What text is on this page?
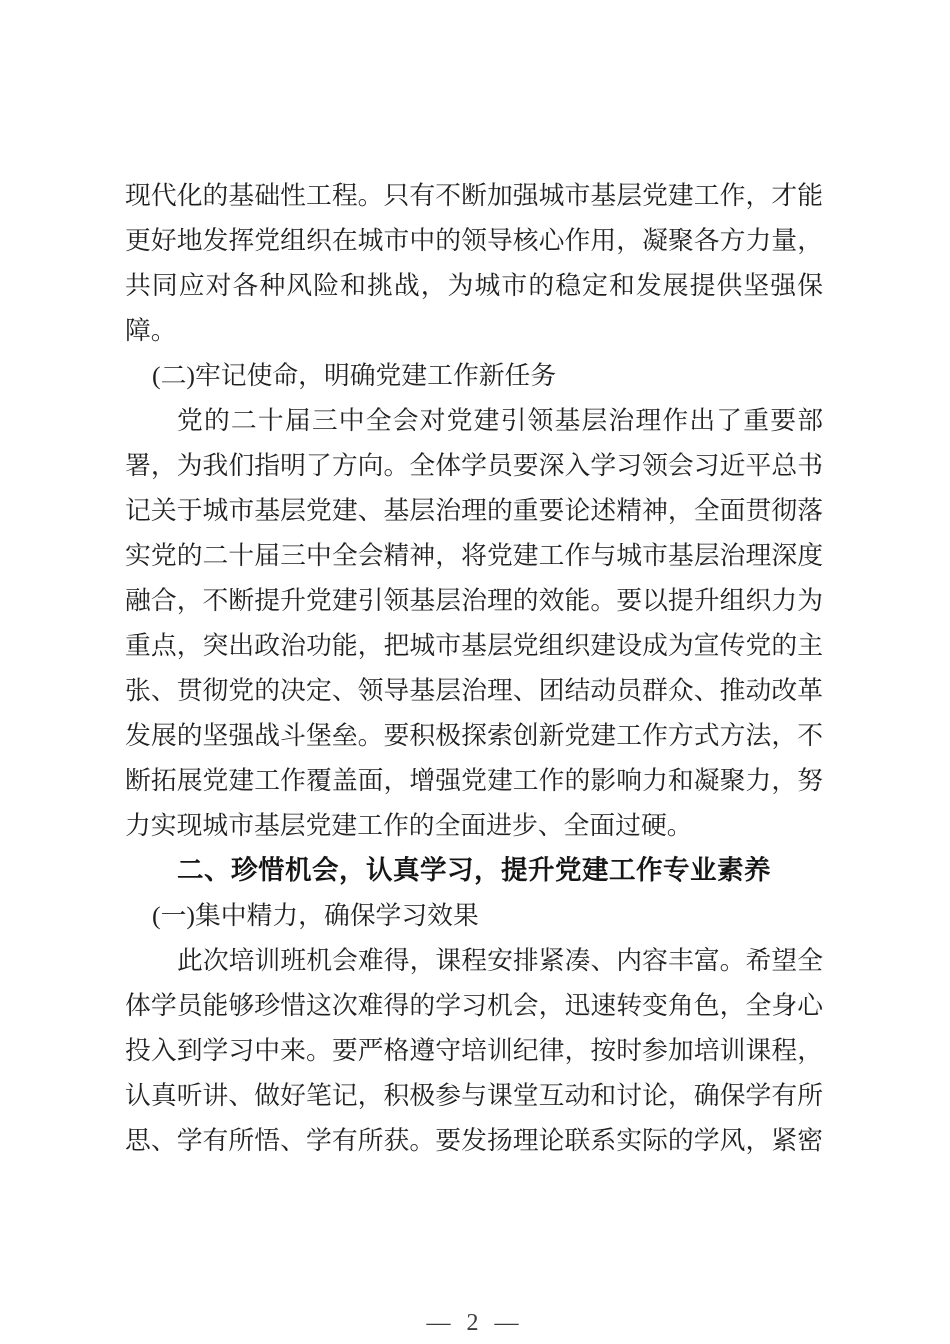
现代化的基础性工程。只有不断加强城市基层党建工作，才能
更好地发挥党组织在城市中的领导核心作用，凝聚各方力量，
共同应对各种风险和挑战，为城市的稳定和发展提供坚强保
障。
(二)牢记使命，明确党建工作新任务
党的二十届三中全会对党建引领基层治理作出了重要部
署，为我们指明了方向。全体学员要深入学习领会习近平总书
记关于城市基层党建、基层治理的重要论述精神，全面贯彻落
实党的二十届三中全会精神，将党建工作与城市基层治理深度
融合，不断提升党建引领基层治理的效能。要以提升组织力为
重点，突出政治功能，把城市基层党组织建设成为宣传党的主
张、贯彻党的决定、领导基层治理、团结动员群众、推动改革
发展的坚强战斗堡垒。要积极探索创新党建工作方式方法，不
断拓展党建工作覆盖面，增强党建工作的影响力和凝聚力，努
力实现城市基层党建工作的全面进步、全面过硬。
二、珍惜机会，认真学习，提升党建工作专业素养
(一)集中精力，确保学习效果
此次培训班机会难得，课程安排紧凑、内容丰富。希望全
体学员能够珍惜这次难得的学习机会，迅速转变角色，全身心
投入到学习中来。要严格遵守培训纪律，按时参加培训课程，
认真听讲、做好笔记，积极参与课堂互动和讨论，确保学有所
思、学有所悟、学有所获。要发扬理论联系实际的学风，紧密
— 2 —
